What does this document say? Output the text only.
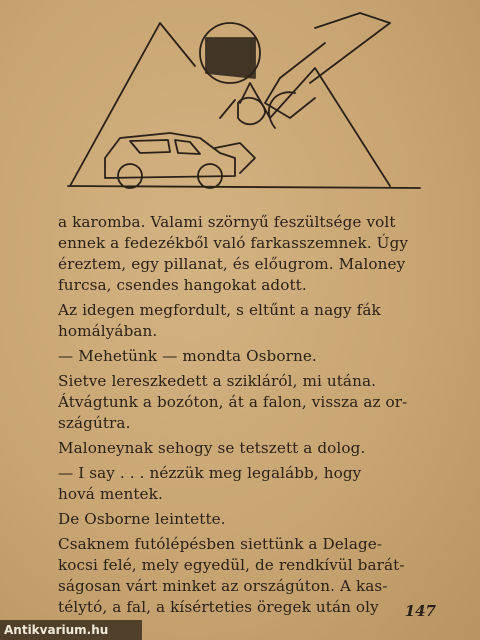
a karomba. Valami szörnyű feszültsége volt
ennek a fedezékből való farkasszemnek. Úgy
éreztem, egy pillanat, és előugrom. Maloney
furcsa, csendes hangokat adott.

Az idegen megfordult, s eltűnt a nagy fák
homályában.

— Mehetünk — mondta Osborne.

Sietve lereszkedett a szikláról, mi utána.
Átvágtunk a bozóton, át a falon, vissza az or-
szágútra.

Maloneynak sehogy se tetszett a dolog.

— I say . . . nézzük meg legalább, hogy
hová mentek.

De Osborne leintette.

Csaknem futólépésben siettünk a Delage-
kocsi felé, mely egyedül, de rendkívül barát-
ságosan várt minket az országúton. A kas-
télytó, a fal, a kísérteties öregek után oly	147
Antikvarium.hu
